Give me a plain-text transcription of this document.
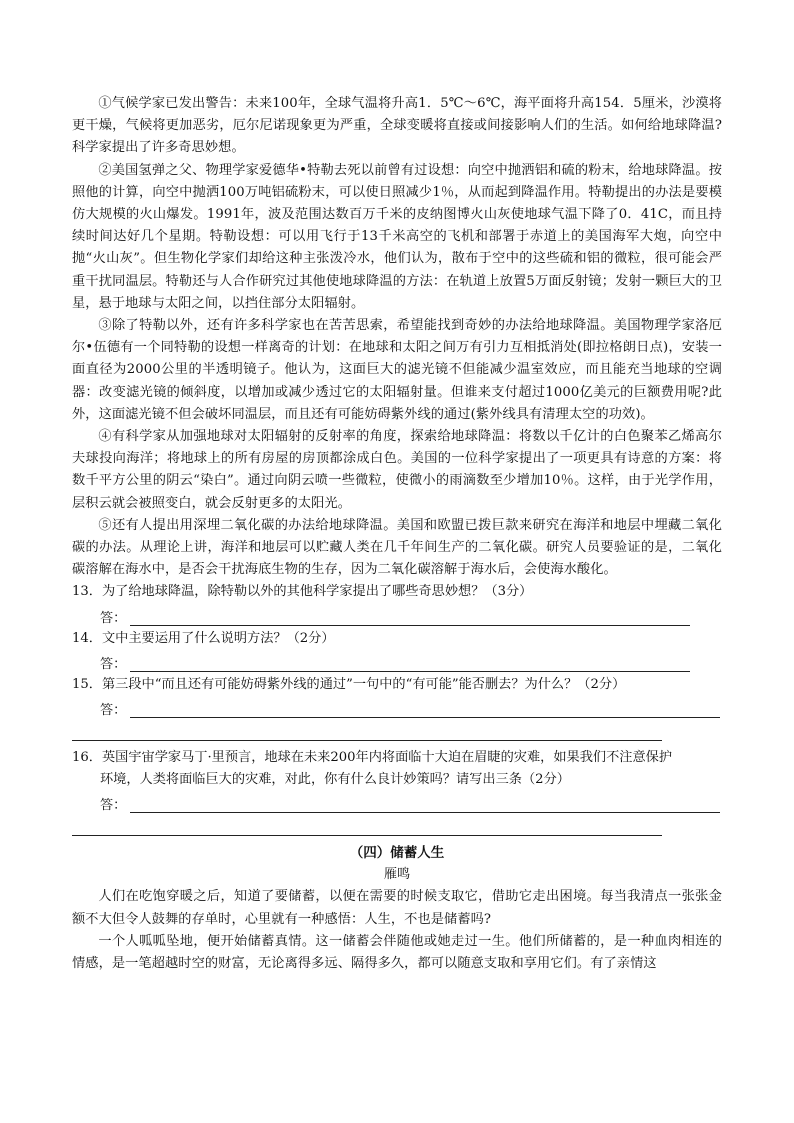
①气候学家已发出警告：未来100年，全球气温将升高1．5℃～6℃，海平面将升高154．5厘米，沙漠将更干燥，气候将更加恶劣，厄尔尼诺现象更为严重，全球变暖将直接或间接影响人们的生活。如何给地球降温?科学家提出了许多奇思妙想。

②美国氢弹之父、物理学家爱德华•特勒去死以前曾有过设想：向空中抛洒铝和硫的粉末，给地球降温。按照他的计算，向空中抛洒100万吨铝硫粉末，可以使日照减少1％，从而起到降温作用。特勒提出的办法是要模仿大规模的火山爆发。1991年，波及范围达数百万千米的皮纳图博火山灰使地球气温下降了0．41C，而且持续时间达好几个星期。特勒设想：可以用飞行于13千米高空的飞机和部署于赤道上的美国海军大炮，向空中抛“火山灰”。但生物化学家们却给这种主张泼冷水，他们认为，散布于空中的这些硫和铝的微粒，很可能会严重干扰同温层。特勒还与人合作研究过其他使地球降温的方法：在轨道上放置5万面反射镜；发射一颗巨大的卫星，悬于地球与太阳之间，以挡住部分太阳辐射。

③除了特勒以外，还有许多科学家也在苦苦思索，希望能找到奇妙的办法给地球降温。美国物理学家洛厄尔•伍德有一个同特勒的设想一样离奇的计划：在地球和太阳之间万有引力互相抵消处(即拉格朗日点)，安装一面直径为2000公里的半透明镜子。他认为，这面巨大的滤光镜不但能减少温室效应，而且能充当地球的空调器：改变滤光镜的倾斜度，以增加或减少透过它的太阳辐射量。但谁来支付超过1000亿美元的巨额费用呢?此外，这面滤光镜不但会破坏同温层，而且还有可能妨碍紫外线的通过(紫外线具有清理太空的功效)。

④有科学家从加强地球对太阳辐射的反射率的角度，探索给地球降温：将数以千亿计的白色聚苯乙烯高尔夫球投向海洋；将地球上的所有房屋的房顶都涂成白色。美国的一位科学家提出了一项更具有诗意的方案：将数千平方公里的阴云“染白”。通过向阴云喷一些微粒，使微小的雨滴数至少增加10％。这样，由于光学作用，层积云就会被照变白，就会反射更多的太阳光。

⑤还有人提出用深埋二氧化碳的办法给地球降温。美国和欧盟已拨巨款来研究在海洋和地层中埋藏二氧化碳的办法。从理论上讲，海洋和地层可以贮藏人类在几千年间生产的二氧化碳。研究人员要验证的是，二氧化碳溶解在海水中，是否会干扰海底生物的生存，因为二氧化碳溶解于海水后，会使海水酸化。

13．为了给地球降温，除特勒以外的其他科学家提出了哪些奇思妙想？（3分）

答：

14．文中主要运用了什么说明方法？（2分）

答：

15．第三段中“而且还有可能妨碍紫外线的通过”一句中的“有可能”能否删去？为什么？（2分）

答：

16．英国宇宙学家马丁·里预言，地球在未来200年内将面临十大迫在眉睫的灾难，如果我们不注意保护

环境，人类将面临巨大的灾难，对此，你有什么良计妙策吗？请写出三条（2分）

答：

（四）储蓄人生

雁鸣

人们在吃饱穿暖之后，知道了要储蓄，以便在需要的时候支取它，借助它走出困境。每当我清点一张张金额不大但令人鼓舞的存单时，心里就有一种感悟：人生，不也是储蓄吗?

一个人呱呱坠地，便开始储蓄真情。这一储蓄会伴随他或她走过一生。他们所储蓄的，是一种血肉相连的情感，是一笔超越时空的财富，无论离得多远、隔得多久，都可以随意支取和享用它们。有了亲情这
